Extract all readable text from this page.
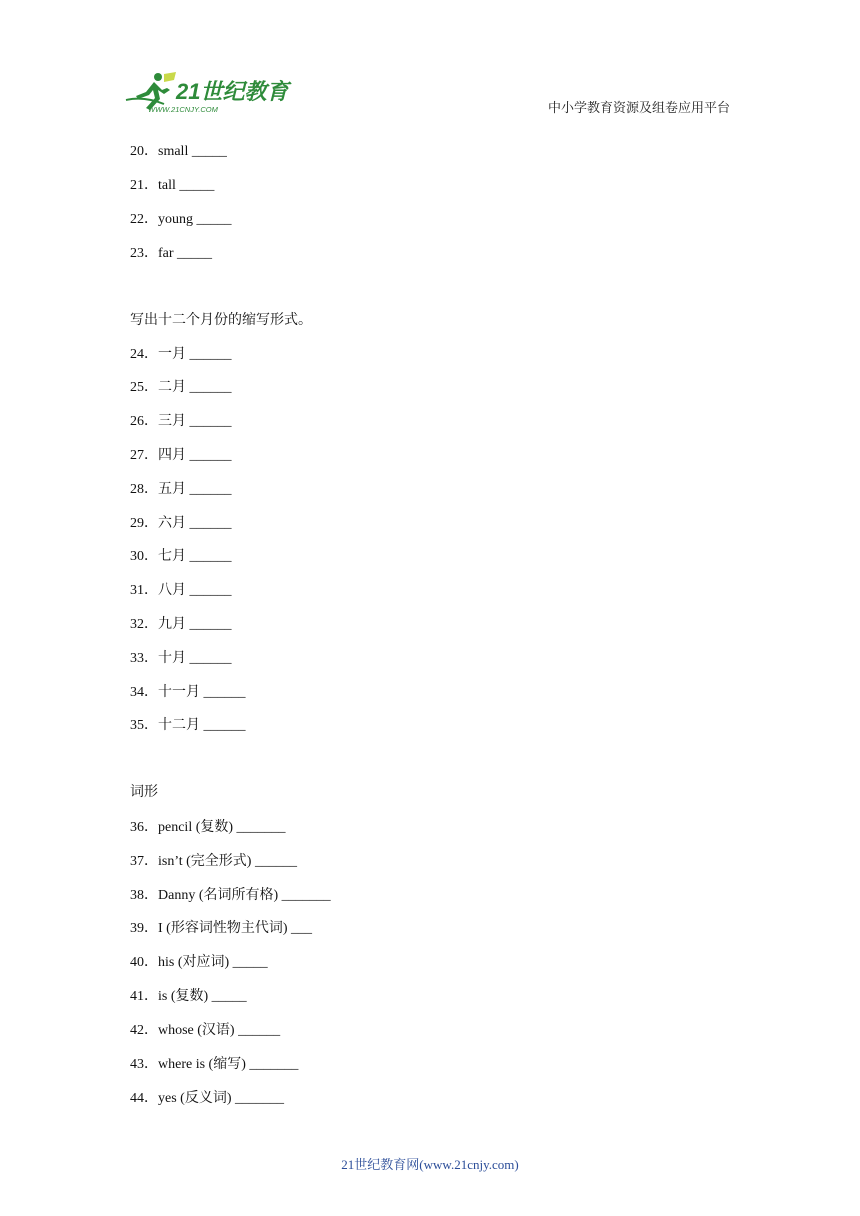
21世纪教育
WWW.21CNJY.COM	中小学教育资源及组卷应用平台
20．small _____
21．tall _____
22．young _____
23．far _____
写出十二个月份的缩写形式。
24．一月 ______
25．二月 ______
26．三月 ______
27．四月 ______
28．五月 ______
29．六月 ______
30．七月 ______
31．八月 ______
32．九月 ______
33．十月 ______
34．十一月 ______
35．十二月 ______
词形
36．pencil (复数) _______
37．isn’t (完全形式) ______
38．Danny (名词所有格) _______
39．I (形容词性物主代词) ___
40．his (对应词) _____
41．is (复数) _____
42．whose (汉语) ______
43．where is (缩写) _______
44．yes (反义词) _______
21世纪教育网(www.21cnjy.com)
